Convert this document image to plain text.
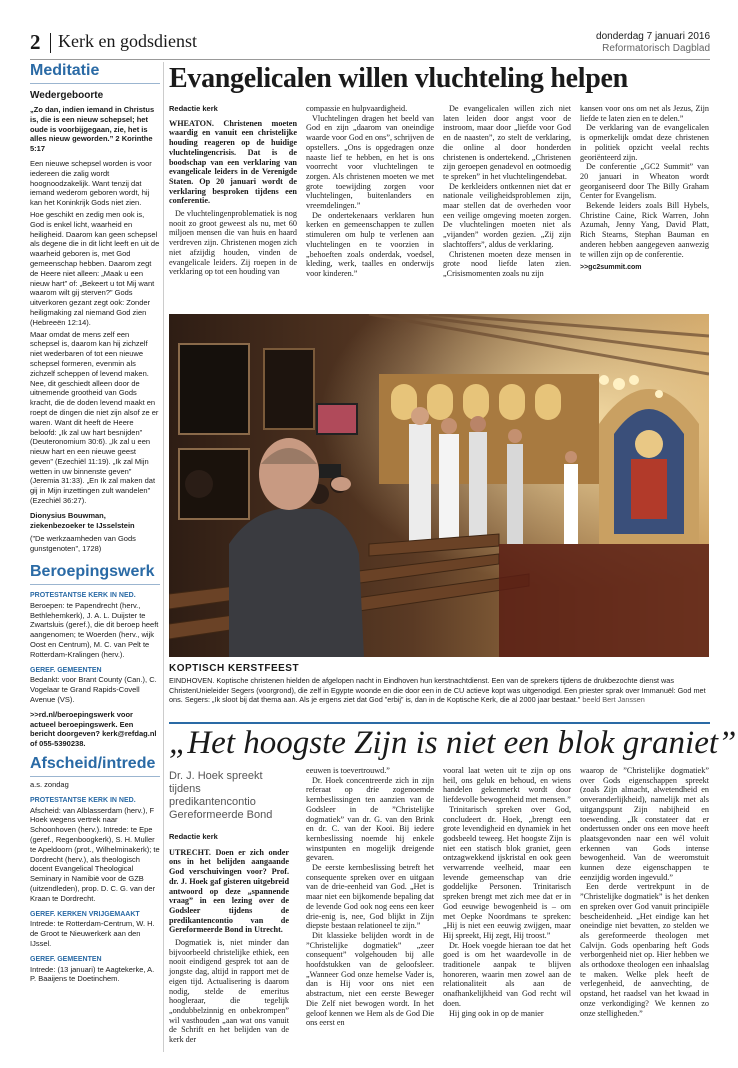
2 Kerk en godsdienst	donderdag 7 januari 2016
Reformatorisch Dagblad
Meditatie
Wedergeboorte

„Zo dan, indien iemand in Christus is, die is een nieuw schepsel; het oude is voorbijgegaan, zie, het is alles nieuw geworden.” 2 Korinthe 5:17

Een nieuwe schepsel worden is voor iedereen die zalig wordt hoognoodzakelijk. Want tenzij dat iemand wederom geboren wordt, hij kan het Koninkrijk Gods niet zien.

Hoe geschikt en zedig men ook is, God is enkel licht, waarheid en heiligheid. Daarom kan geen schepsel als degene die in dit licht leeft en uit de waarheid geboren is, met God gemeenschap hebben. Daarom zegt de Heere niet alleen: „Maak u een nieuw hart” of: „Bekeert u tot Mij want waarom wilt gij sterven?” Gods uitverkoren gezant zegt ook: Zonder heiligmaking zal niemand God zien (Hebreeën 12:14).

Maar omdat de mens zelf een schepsel is, daarom kan hij zichzelf niet wederbaren of tot een nieuwe schepsel formeren, evenmin als zichzelf scheppen of levend maken. Nee, dit geschiedt alleen door de uitnemende grootheid van Gods kracht, die de doden levend maakt en roept de dingen die niet zijn alsof ze er waren. Want dit heeft de Heere beloofd: „Ik zal uw hart besnijden” (Deuteronomium 30:6). „Ik zal u een nieuw hart en een nieuwe geest geven” (Ezechiël 11:19). „Ik zal Mijn wetten in uw binnenste geven” (Jeremia 31:33). „En Ik zal maken dat gij in Mijn inzettingen zult wandelen” (Ezechiël 36:27).

Dionysius Bouwman, ziekenbezoeker te IJsselstein

(”De werkzaamheden van Gods gunstgenoten”, 1728)

Beroepingswerk
PROTESTANTSE KERK IN NED.

Beroepen: te Papendrecht (herv., Bethlehemkerk), J. A. L. Duijster te Zwartsluis (geref.), die dit beroep heeft aangenomen; te Woerden (herv., wijk Oost en Centrum), M. C. van Pelt te Rotterdam-Kralingen (herv.).

GEREF. GEMEENTEN

Bedankt: voor Brant County (Can.), C. Vogelaar te Grand Rapids-Covell Avenue (VS).

>>rd.nl/beroepingswerk voor actueel beroepingswerk. Een bericht doorgeven? kerk@refdag.nl of 055-5390238.

Afscheid/intrede

a.s. zondag

PROTESTANTSE KERK IN NED.

Afscheid: van Alblasserdam (herv.), F Hoek wegens vertrek naar Schoonhoven (herv.). Intrede: te Epe (geref., Regenboogkerk), S. H. Muller te Apeldoorn (prot., Wilhelminakerk); te Dordrecht (herv.), als theologisch docent Evangelical Theological Seminary in Namibië voor de GZB (uitzendleden), prop. D. C. G. van der Kraan te Dordrecht.

GEREF. KERKEN VRIJGEMAAKT

Intrede: te Rotterdam-Centrum, W. H. de Groot te Nieuwerkerk aan den IJssel.

GEREF. GEMEENTEN

Intrede: (13 januari) te Aagtekerke, A. P. Baaijens te Doetinchem.

Evangelicalen willen vluchteling helpen
Redactie kerk

WHEATON. Christenen moeten waardig en vanuit een christelijke houding reageren op de huidige vluchtelingencrisis. Dat is de boodschap van een verklaring van evangelicale leiders in de Verenigde Staten. Op 20 januari wordt de verklaring besproken tijdens een conferentie.

De vluchtelingenproblematiek is nog nooit zo groot geweest als nu, met 60 miljoen mensen die van huis en haard verdreven zijn. Christenen mogen zich niet afzijdig houden, vinden de evangelicale leiders. Zij roepen in de verklaring op tot een houding van

compassie en hulpvaardigheid.

Vluchtelingen dragen het beeld van God en zijn „daarom van oneindige waarde voor God en ons”, schrijven de opstellers. „Ons is opgedragen onze naaste lief te hebben, en het is ons voorrecht voor vluchtelingen te zorgen. Als christenen moeten we met grote toewijding zorgen voor vluchtelingen, buitenlanders en vreemdelingen.”

De ondertekenaars verklaren hun kerken en gemeenschappen te zullen stimuleren om hulp te verlenen aan vluchtelingen en te voorzien in „behoeften zoals onderdak, voedsel, kleding, werk, taalles en onderwijs voor kinderen.”

De evangelicalen willen zich niet laten leiden door angst voor de instroom, maar door „liefde voor God en de naasten”, zo stelt de verklaring, die online al door honderden christenen is ondertekend. „Christenen zijn geroepen genadevol en ootmoedig te spreken” in het vluchtelingendebat.

De kerkleiders ontkennen niet dat er nationale veiligheidsproblemen zijn, maar stellen dat de overheden voor een veilige omgeving moeten zorgen. De vluchtelingen moeten niet als „vijanden” worden gezien. „Zij zijn slachtoffers”, aldus de verklaring.

Christenen moeten deze mensen in grote nood liefde laten zien. „Crisismomenten zoals nu zijn

kansen voor ons om net als Jezus, Zijn liefde te laten zien en te delen.”

De verklaring van de evangelicalen is opmerkelijk omdat deze christenen in politiek opzicht veelal rechts georiënteerd zijn.

De conferentie „GC2 Summit” van 20 januari in Wheaton wordt georganiseerd door The Billy Graham Center for Evangelism.

Bekende leiders zoals Bill Hybels, Christine Caine, Rick Warren, John Azumah, Jenny Yang, David Platt, Rich Stearns, Stephan Bauman en anderen hebben aangegeven aanwezig te willen zijn op de conferentie.

>>gc2summit.com

KOPTISCH KERSTFEEST
EINDHOVEN. Koptische christenen hielden de afgelopen nacht in Eindhoven hun kerstnachtdienst. Een van de sprekers tijdens de drukbezochte dienst was ChristenUnieleider Segers (voorgrond), die zelf in Egypte woonde en die door een in de CU actieve kopt was uitgenodigd. Een priester sprak over Immanuël: God met ons. Segers: „Ik sloot bij dat thema aan. Als je ergens ziet dat God ”erbij” is, dan in de Koptische Kerk, die al 2000 jaar bestaat.” beeld Bert Janssen
„Het hoogste Zijn is niet een blok graniet”
Dr. J. Hoek spreekt tijdens predikantencontio Gereformeerde Bond
Redactie kerk

UTRECHT. Doen er zich onder ons in het belijden aangaande God verschuivingen voor? Prof. dr. J. Hoek gaf gisteren uitgebreid antwoord op deze „spannende vraag” in een lezing over de Godsleer tijdens de predikantencontio van de Gereformeerde Bond in Utrecht.

Dogmatiek is, niet minder dan bijvoorbeeld christelijke ethiek, een nooit eindigend gesprek tot aan de jongste dag, altijd in rapport met de eigen tijd. Actualisering is daarom nodig, stelde de emeritus hoogleraar, die tegelijk „ondubbelzinnig en onbekrompen” wil vasthouden „aan wat ons vanuit de Schrift en het belijden van de kerk der

eeuwen is toevertrouwd.”

Dr. Hoek concentreerde zich in zijn referaat op drie zogenoemde kernbeslissingen ten aanzien van de Godsleer in de ”Christelijke dogmatiek” van dr. G. van den Brink en dr. C. van der Kooi. Bij iedere kernbeslissing noemde hij enkele winstpunten en mogelijk dreigende gevaren.

De eerste kernbeslissing betreft het consequente spreken over en uitgaan van de drie-eenheid van God. „Het is maar niet een bijkomende bepaling dat de levende God ook nog eens een keer drie-enig is, nee, God blijkt in Zijn diepste bestaan relationeel te zijn.”

Dit klassieke belijden wordt in de ”Christelijke dogmatiek” „zeer consequent” volgehouden bij alle hoofdstukken van de geloofsleer. „Wanneer God onze hemelse Vader is, dan is Hij voor ons niet een abstractum, niet een eerste Beweger Die Zelf niet bewogen wordt. In het geloof kennen we Hem als de God Die ons eerst en

vooral laat weten uit te zijn op ons heil, ons geluk en behoud, en wiens handelen gekenmerkt wordt door liefdevolle bewogenheid met mensen.”

Trinitarisch spreken over God, concludeert dr. Hoek, „brengt een grote levendigheid en dynamiek in het godsbeeld teweeg. Het hoogste Zijn is niet een statisch blok graniet, geen ontzagwekkend ijskristal en ook geen verwarrende veelheid, maar een levende gemeenschap van drie goddelijke Personen. Trinitarisch spreken brengt met zich mee dat er in God eeuwige bewogenheid is – om met Oepke Noordmans te spreken: „Hij is niet een eeuwig zwijgen, maar Hij spreekt, Hij zegt, Hij troost.”

Dr. Hoek voegde hieraan toe dat het goed is om het waardevolle in de traditionele aanpak te blijven honoreren, waarin men zowel aan de relationaliteit als aan de onafhankelijkheid van God recht wil doen.

Hij ging ook in op de manier

waarop de ”Christelijke dogmatiek” over Gods eigenschappen spreekt (zoals Zijn almacht, alwetendheid en onveranderlijkheid), namelijk met als uitgangspunt Zijn nabijheid en toewending. „Ik constateer dat er ondertussen onder ons een move heeft plaatsgevonden naar een wél voluit erkennen van Gods intense bewogenheid. Van de weeromstuit kunnen deze eigenschappen te eenzijdig worden ingevuld.”

Een derde vertrekpunt in de ”Christelijke dogmatiek” is het denken en spreken over God vanuit principiële bescheidenheid. „Het eindige kan het oneindige niet bevatten, zo stelden we als gereformeerde theologen met Calvijn. Gods openbaring heft Gods verborgenheid niet op. Hier hebben we als orthodoxe theologen een inhaalslag te maken. Welke plek heeft de verlegenheid, de aanvechting, de opstand, het raadsel van het kwaad in onze verkondiging? We kennen zo onze stelligheden.”
